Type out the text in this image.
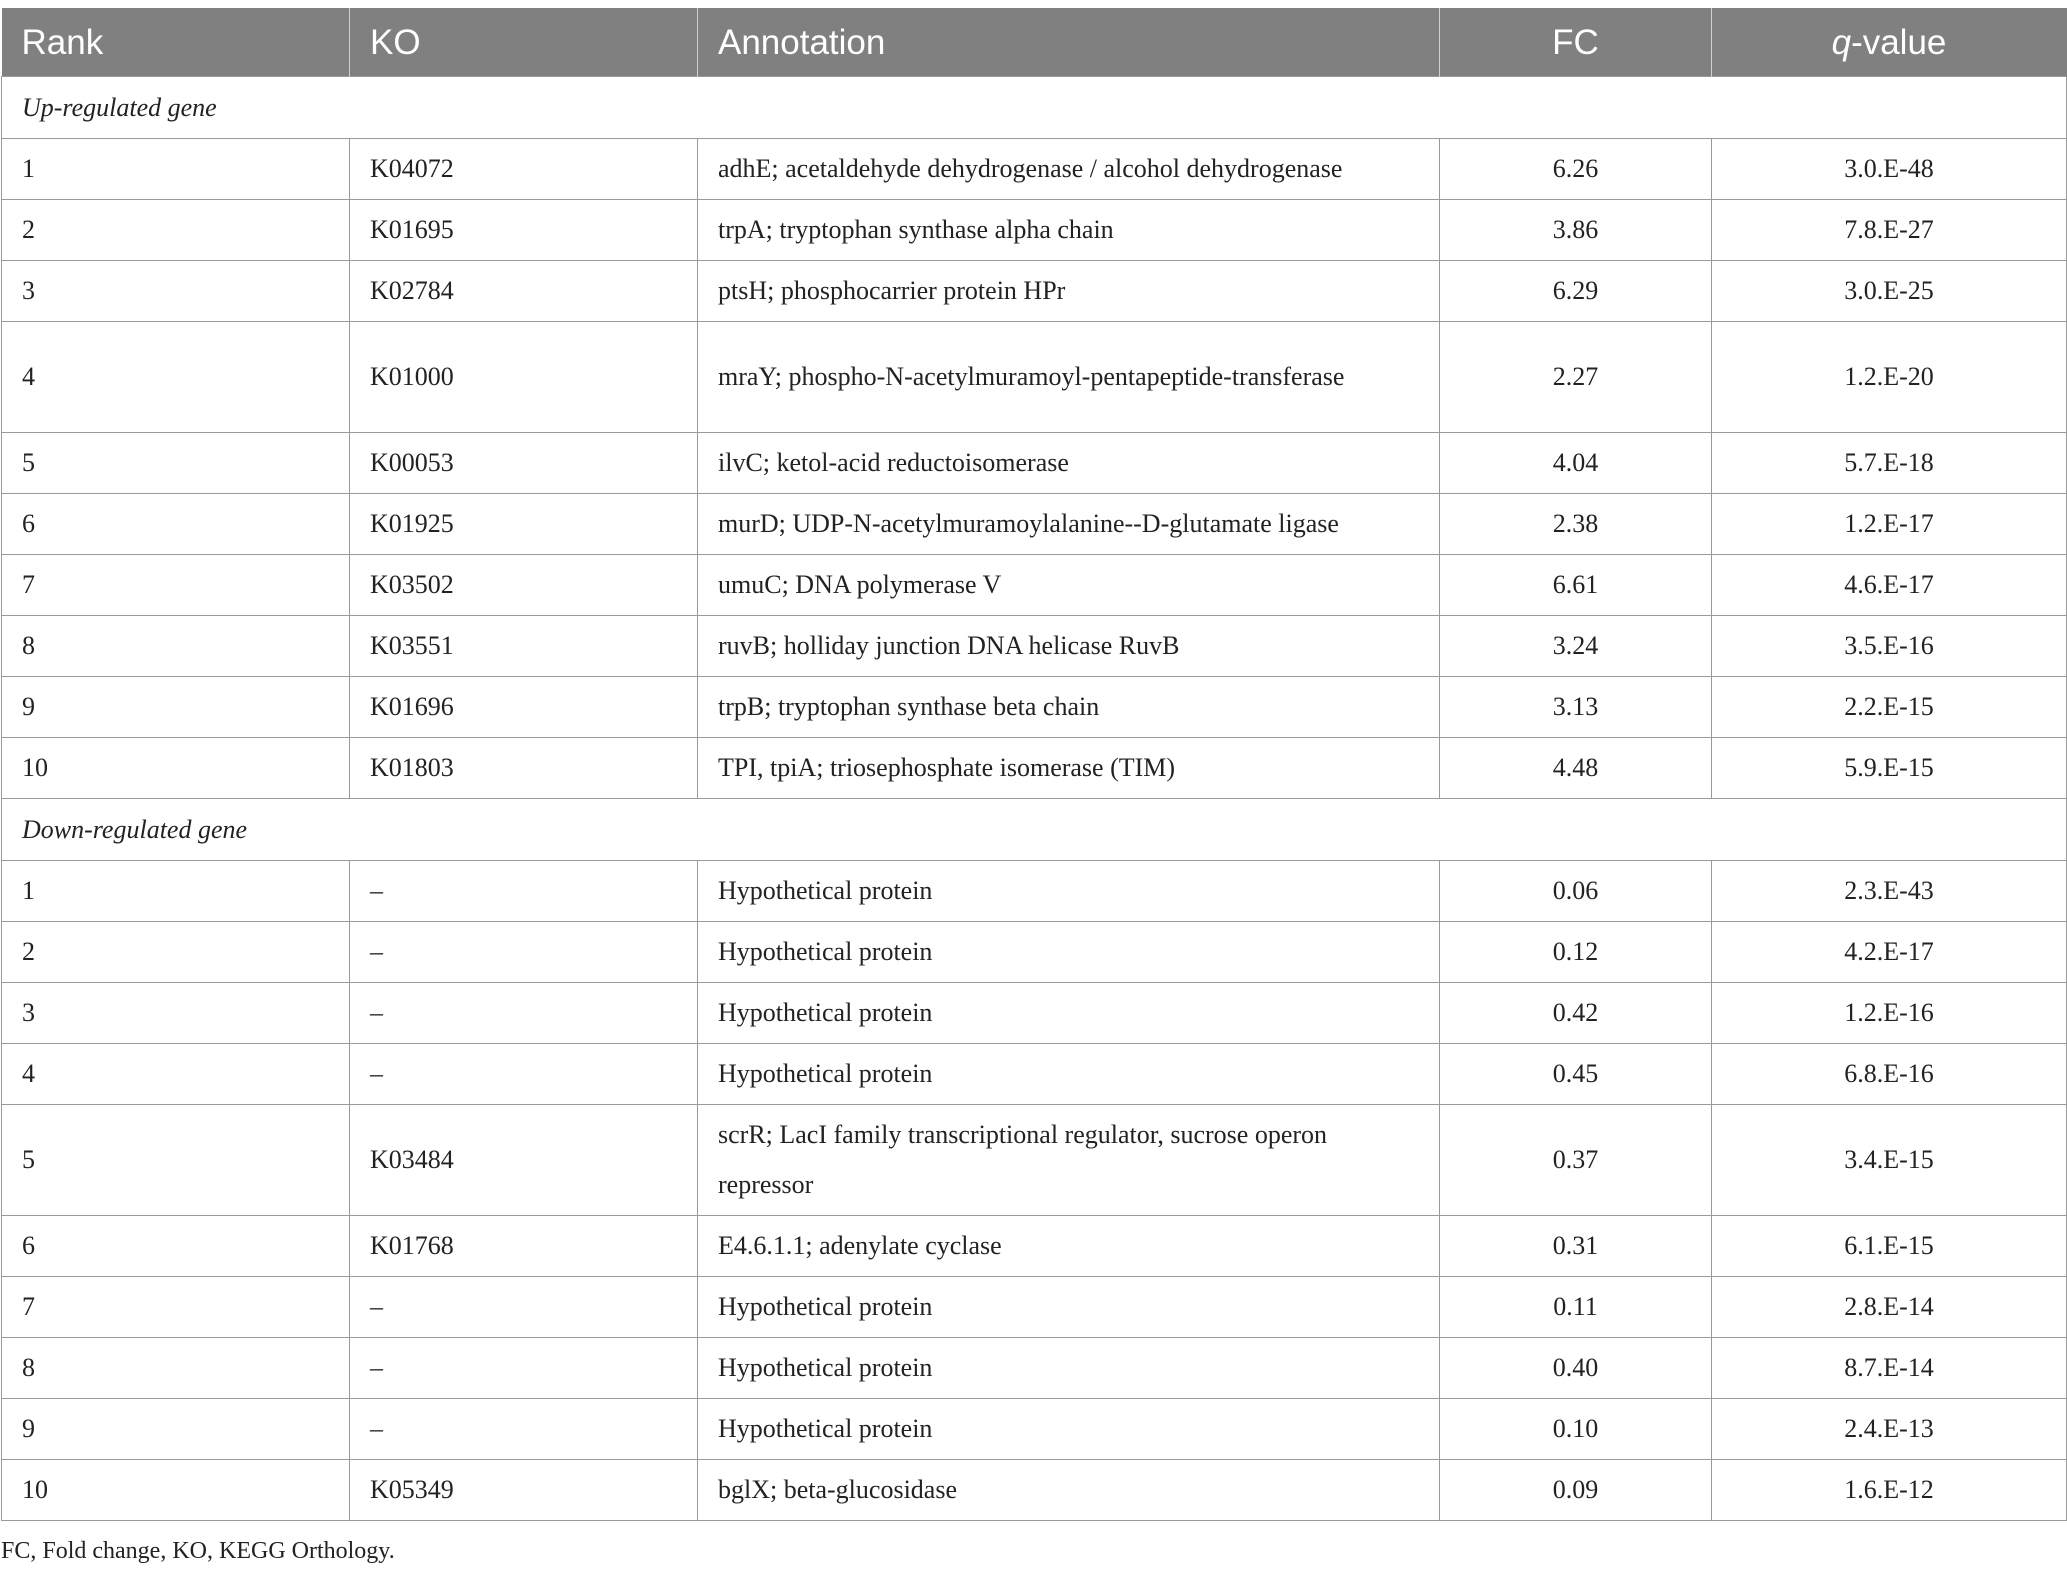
Rank	KO	Annotation	FC	q-value
Up-regulated gene				
1	K04072	adhE; acetaldehyde dehydrogenase / alcohol dehydrogenase	6.26	3.0.E-48
2	K01695	trpA; tryptophan synthase alpha chain	3.86	7.8.E-27
3	K02784	ptsH; phosphocarrier protein HPr	6.29	3.0.E-25
4	K01000	mraY; phospho-N-acetylmuramoyl-pentapeptide-transferase	2.27	1.2.E-20
5	K00053	ilvC; ketol-acid reductoisomerase	4.04	5.7.E-18
6	K01925	murD; UDP-N-acetylmuramoylalanine--D-glutamate ligase	2.38	1.2.E-17
7	K03502	umuC; DNA polymerase V	6.61	4.6.E-17
8	K03551	ruvB; holliday junction DNA helicase RuvB	3.24	3.5.E-16
9	K01696	trpB; tryptophan synthase beta chain	3.13	2.2.E-15
10	K01803	TPI, tpiA; triosephosphate isomerase (TIM)	4.48	5.9.E-15
Down-regulated gene				
1	–	Hypothetical protein	0.06	2.3.E-43
2	–	Hypothetical protein	0.12	4.2.E-17
3	–	Hypothetical protein	0.42	1.2.E-16
4	–	Hypothetical protein	0.45	6.8.E-16
5	K03484	scrR; LacI family transcriptional regulator, sucrose operon repressor	0.37	3.4.E-15
6	K01768	E4.6.1.1; adenylate cyclase	0.31	6.1.E-15
7	–	Hypothetical protein	0.11	2.8.E-14
8	–	Hypothetical protein	0.40	8.7.E-14
9	–	Hypothetical protein	0.10	2.4.E-13
10	K05349	bglX; beta-glucosidase	0.09	1.6.E-12
FC, Fold change, KO, KEGG Orthology.
